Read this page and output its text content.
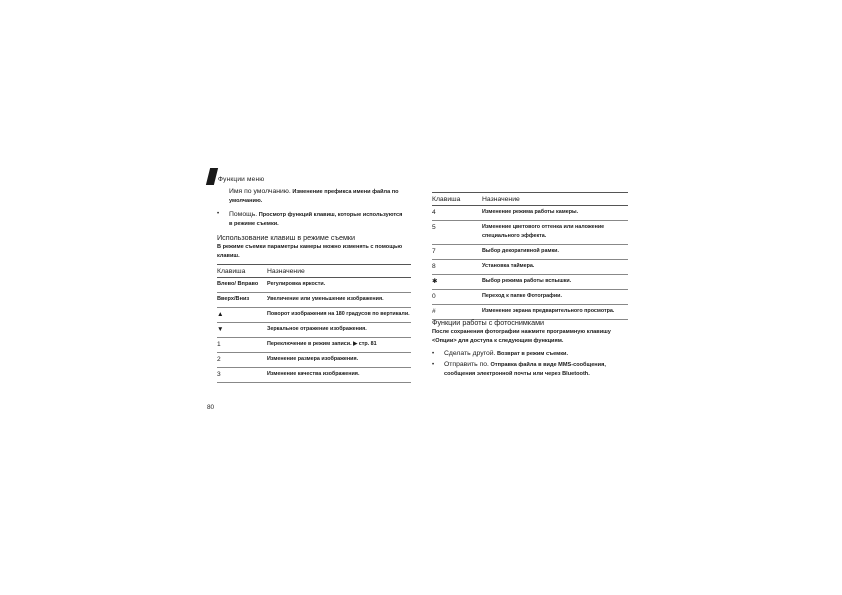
Функции меню
Имя по умолчанию. Изменение префикса имени файла по умолчанию.
• Помощь. Просмотр функций клавиш, которые используются в режиме съемки.
Использование клавиш в режиме съемки
В режиме съемки параметры камеры можно изменять с помощью клавиш.
Клавиша	Назначение
Влево/ Вправо	Регулировка яркости.
Вверх/Вниз	Увеличение или уменьшение изображения.
▲	Поворот изображения на 180 градусов по вертикали.
▼	Зеркальное отражение изображения.
1	Переключение в режим записи. ▶ стр. 81
2	Изменение размера изображения.
3	Изменение качества изображения.
80
Клавиша	Назначение
4	Изменение режима работы камеры.
5	Изменение цветового оттенка или наложение специального эффекта.
7	Выбор декоративной рамки.
8	Установка таймера.
✱	Выбор режима работы вспышки.
0	Переход к папке Фотографии.
#	Изменение экрана предварительного просмотра.
Функции работы с фотоснимками
После сохранения фотографии нажмите программную клавишу <Опции> для доступа к следующим функциям.
• Сделать другой. Возврат в режим съемки.
• Отправить по. Отправка файла в виде MMS-сообщения, сообщения электронной почты или через Bluetooth.
